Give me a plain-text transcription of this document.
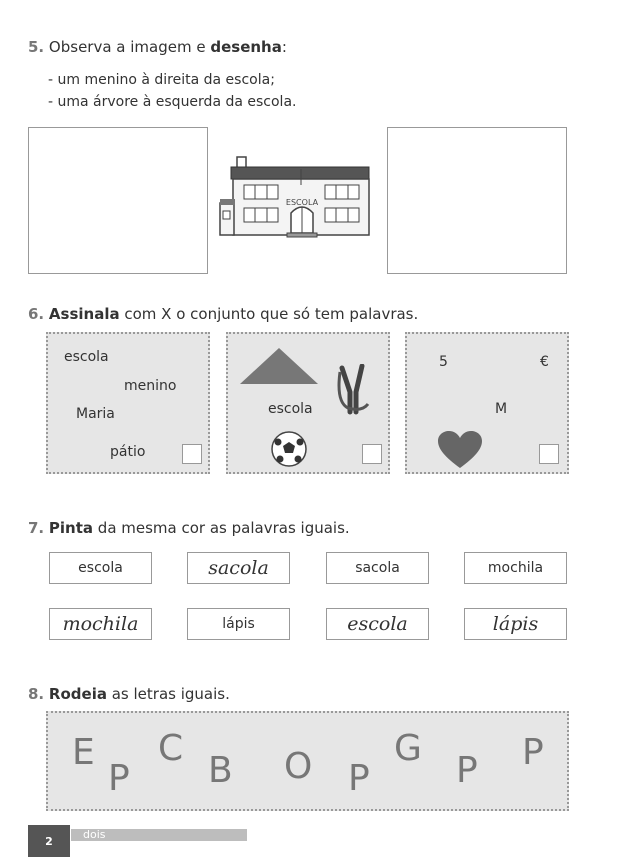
5. Observa a imagem e desenha:
- um menino à direita da escola;
- uma árvore à esquerda da escola.
ESCOLA
6. Assinala com X o conjunto que só tem palavras.
escola
menino
Maria
pátio
escola
5	€
M
7. Pinta da mesma cor as palavras iguais.
escola	sacola	sacola	mochila
mochila	lápis	escola	lápis
8. Rodeia as letras iguais.
E
P
C
B O P
G
P P
dois
2
